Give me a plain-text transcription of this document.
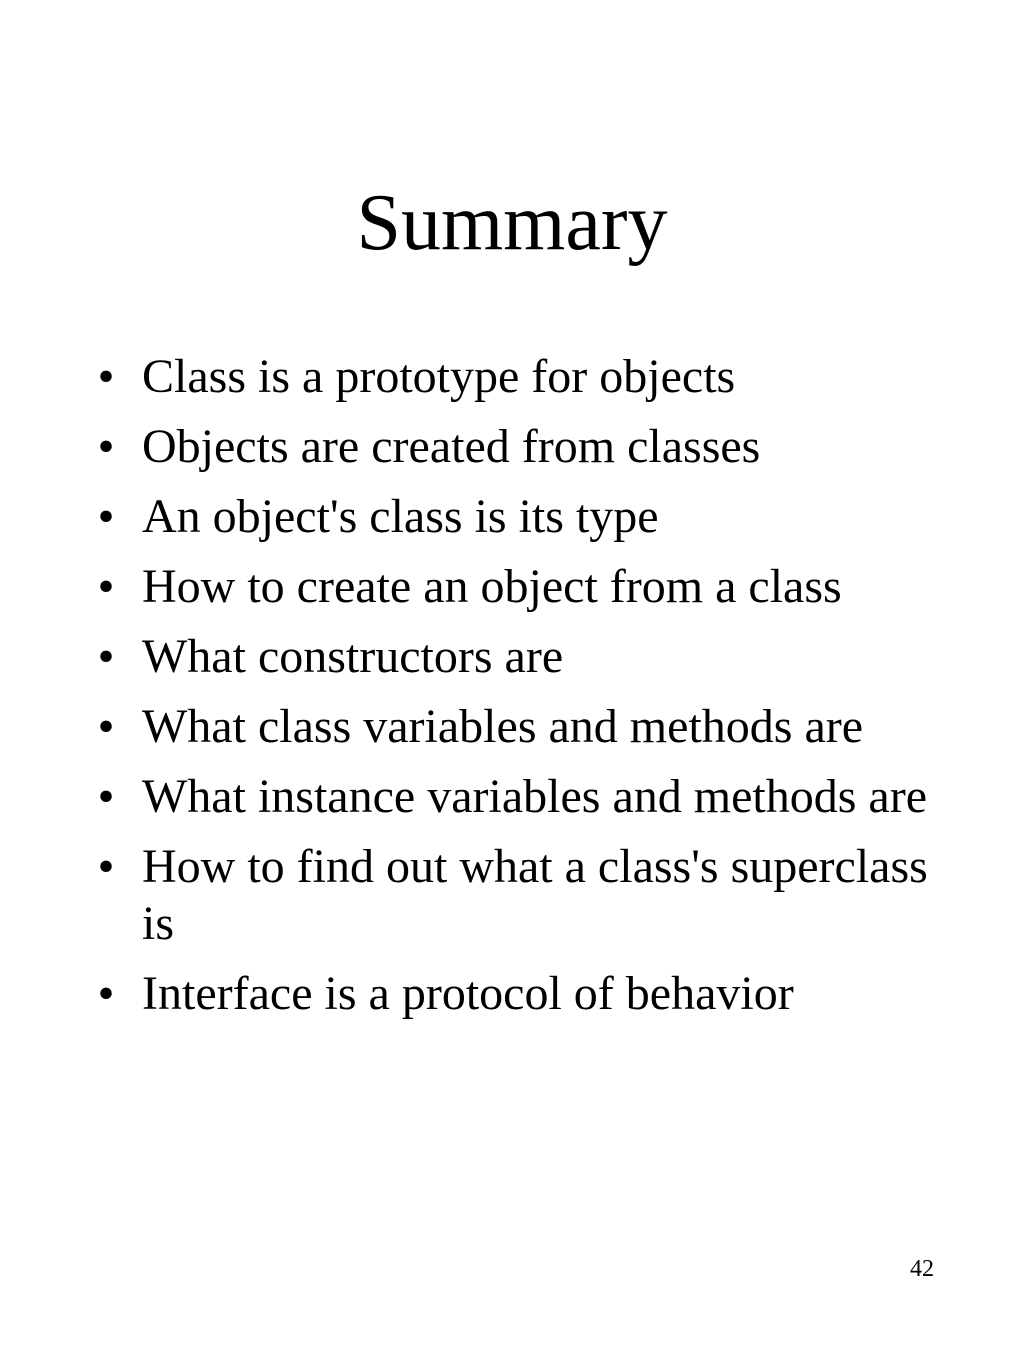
Summary
• Class is a prototype for objects
• Objects are created from classes
• An object's class is its type
• How to create an object from a class
• What constructors are
• What class variables and methods are
• What instance variables and methods are
• How to find out what a class's superclass is
• Interface is a protocol of behavior
42
